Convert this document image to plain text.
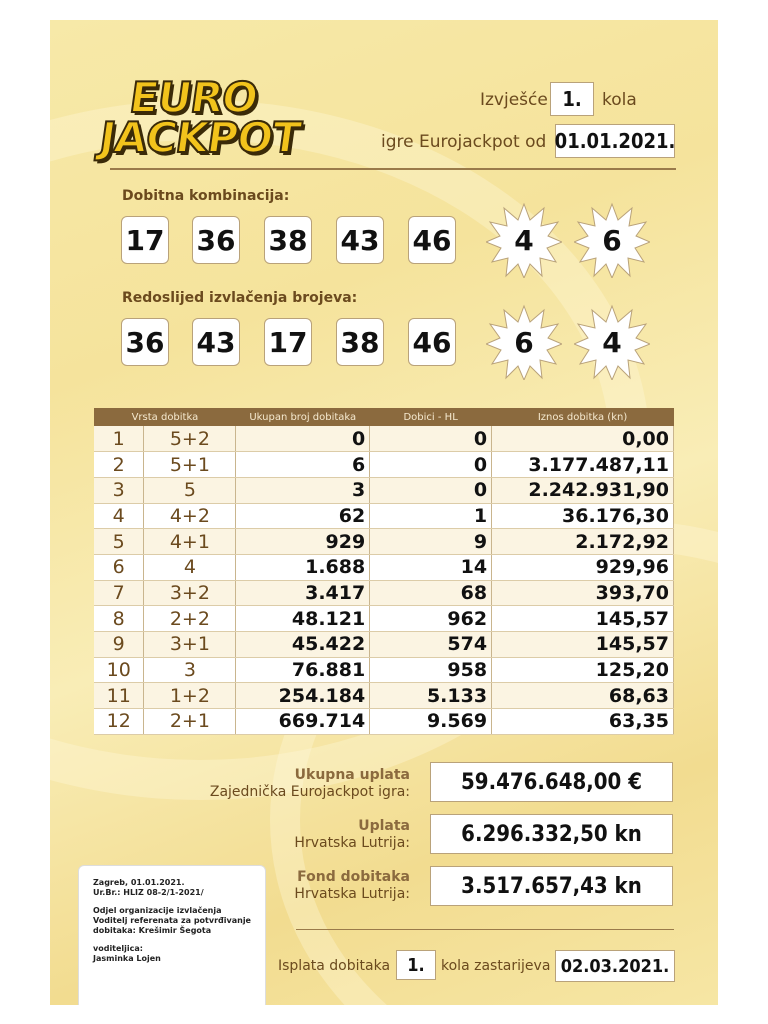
EURO
JACKPOT
Izvješće 1.	kola
igre Eurojackpot od 01.01.2021.
Dobitna kombinacija:
17 36 38 43 46	4	6
Redoslijed izvlačenja brojeva:
36 43 17 38 46	6	4
Vrsta dobitka		Ukupan broj dobitaka	Dobici - HL	Iznos dobitka (kn)
1	5+2	0	0	0,00
2	5+1	6	0	3.177.487,11
3	5	3	0	2.242.931,90
4	4+2	62	1	36.176,30
5	4+1	929	9	2.172,92
6	4	1.688	14	929,96
7	3+2	3.417	68	393,70
8	2+2	48.121	962	145,57
9	3+1	45.422	574	145,57
10	3	76.881	958	125,20
11	1+2	254.184	5.133	68,63
12	2+1	669.714	9.569	63,35
Ukupna uplata
Zajednička Eurojackpot igra:	59.476.648,00 €
Uplata
Hrvatska Lutrija:	6.296.332,50 kn
Fond dobitaka
Hrvatska Lutrija:	3.517.657,43 kn
Isplata dobitaka 1.	kola zastarijeva 02.03.2021.

Zagreb, 01.01.2021.
Ur.Br.: HLIZ 08-2/1-2021/

Odjel organizacije izvlačenja
Voditelj referenata za potvrđivanje
dobitaka: Krešimir Šegota

voditeljica:
Jasminka Lojen
